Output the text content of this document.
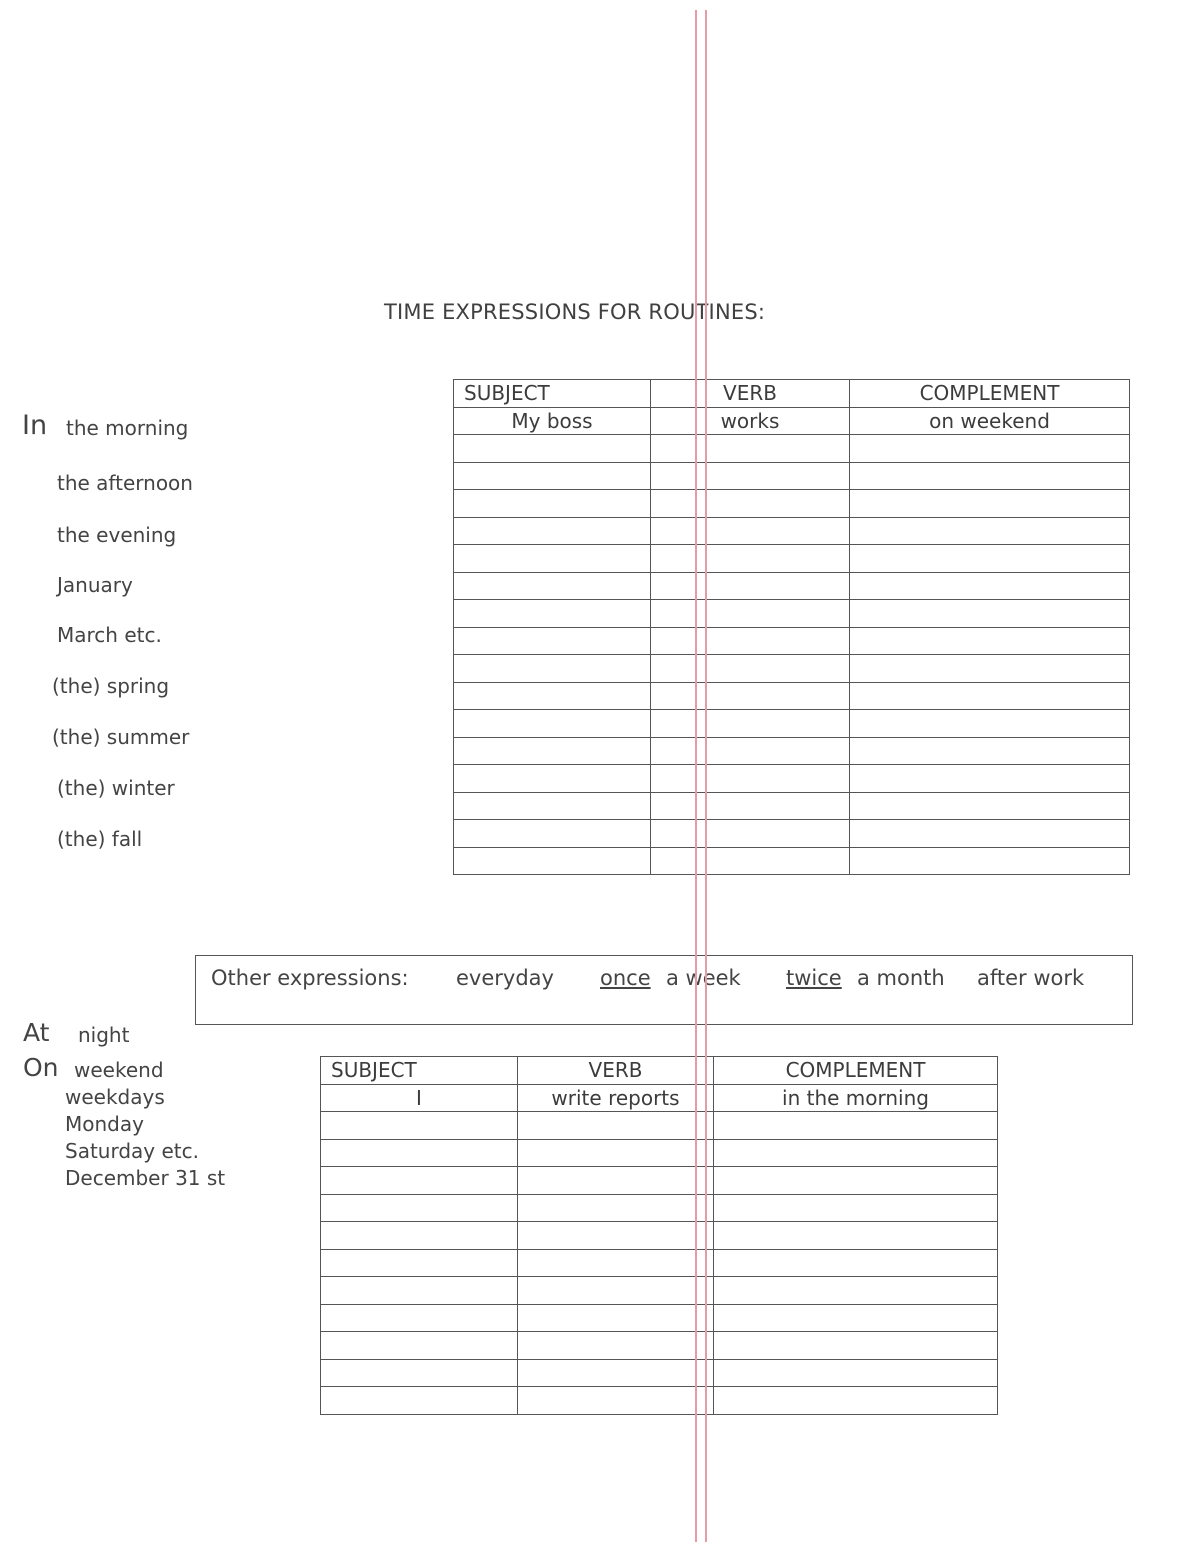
TIME EXPRESSIONS FOR ROUTINES:
In the morning
the afternoon
the evening
January
March etc.
(the) spring
(the) summer
(the) winter
(the) fall
SUBJECT	VERB	COMPLEMENT
My boss	works	on weekend

Other expressions: everyday once a week twice a month after work
At night
On weekend
weekdays
Monday
Saturday etc.
December 31 st
SUBJECT	VERB	COMPLEMENT
I	write reports	in the morning
